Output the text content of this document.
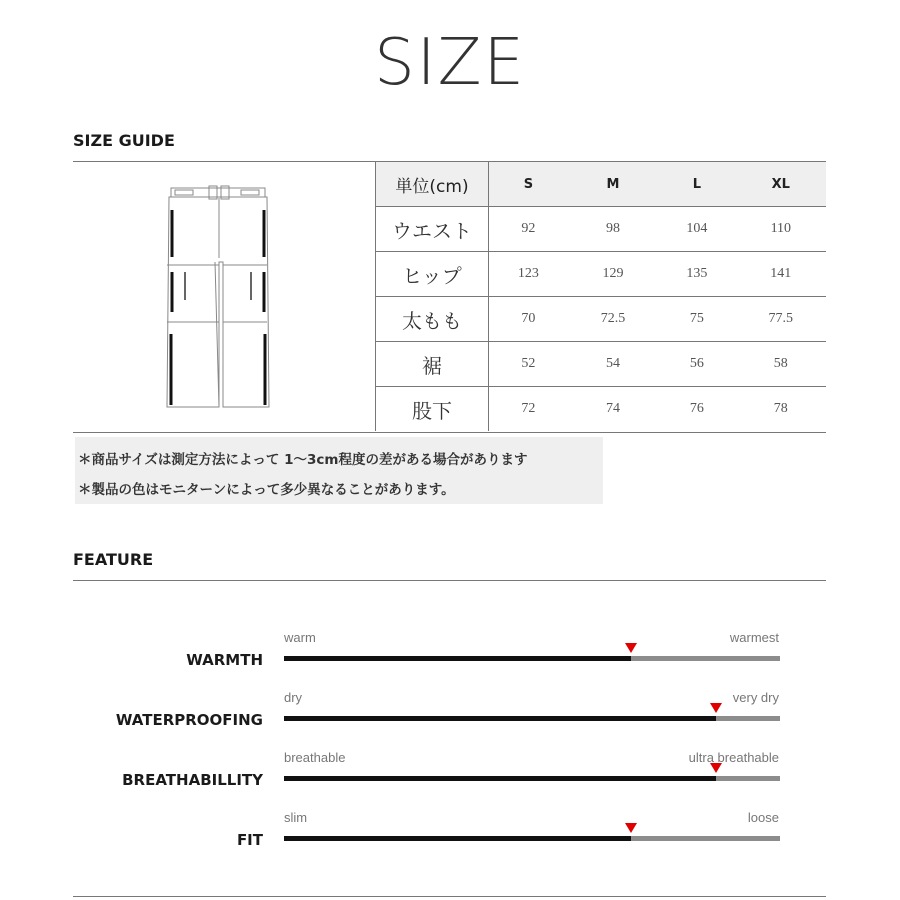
SIZE
SIZE GUIDE
単位(cm)	S	M	L	XL
ウエスト	92	98	104	110
ヒップ	123	129	135	141
太もも	70	72.5	75	77.5
裾	52	54	56	58
股下	72	74	76	78
＊商品サイズは測定方法によって 1～3cm程度の差がある場合があります
＊製品の色はモニターンによって多少異なることがあります。
FEATURE
warm	warmest
WARMTH
dry	very dry
WATERPROOFING
breathable	ultra breathable
BREATHABILLITY
slim	loose
FIT
